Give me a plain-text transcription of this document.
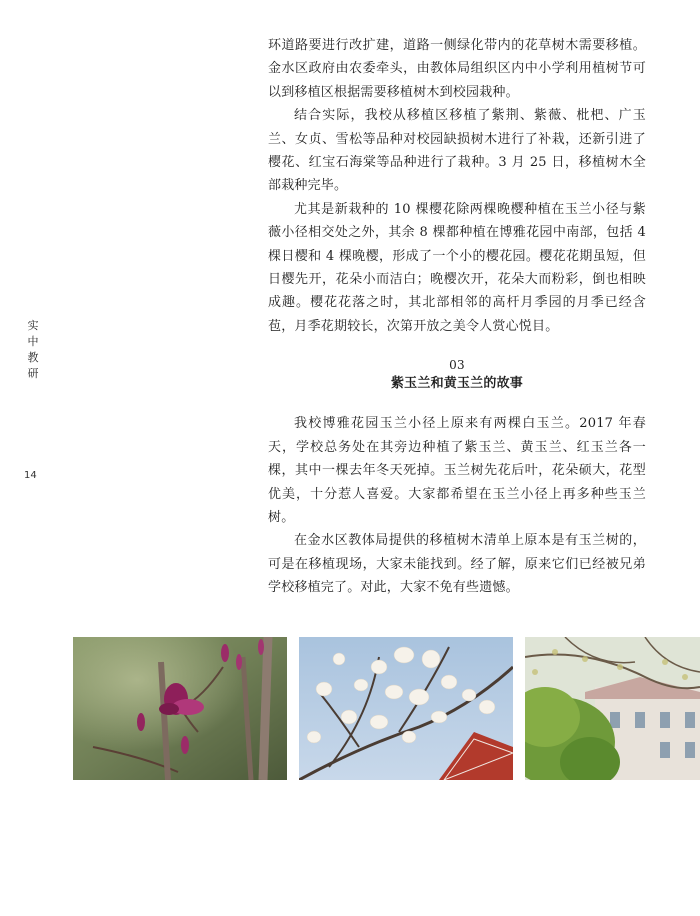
实
中
教
研
14

环道路要进行改扩建，道路一侧绿化带内的花草树木需要移植。金水区政府由农委牵头，由教体局组织区内中小学利用植树节可以到移植区根据需要移植树木到校园栽种。

结合实际，我校从移植区移植了紫荆、紫薇、枇杷、广玉兰、女贞、雪松等品种对校园缺损树木进行了补栽，还新引进了樱花、红宝石海棠等品种进行了栽种。3 月 25 日，移植树木全部栽种完毕。

尤其是新栽种的 10 棵樱花除两棵晚樱种植在玉兰小径与紫薇小径相交处之外，其余 8 棵都种植在博雅花园中南部，包括 4 棵日樱和 4 棵晚樱，形成了一个小的樱花园。樱花花期虽短，但日樱先开，花朵小而洁白；晚樱次开，花朵大而粉彩，倒也相映成趣。樱花花落之时，其北部相邻的高杆月季园的月季已经含苞，月季花期较长，次第开放之美令人赏心悦目。

03
紫玉兰和黄玉兰的故事

我校博雅花园玉兰小径上原来有两棵白玉兰。2017 年春天，学校总务处在其旁边种植了紫玉兰、黄玉兰、红玉兰各一棵，其中一棵去年冬天死掉。玉兰树先花后叶，花朵硕大，花型优美，十分惹人喜爱。大家都希望在玉兰小径上再多种些玉兰树。

在金水区教体局提供的移植树木清单上原本是有玉兰树的，可是在移植现场，大家未能找到。经了解，原来它们已经被兄弟学校移植完了。对此，大家不免有些遗憾。
